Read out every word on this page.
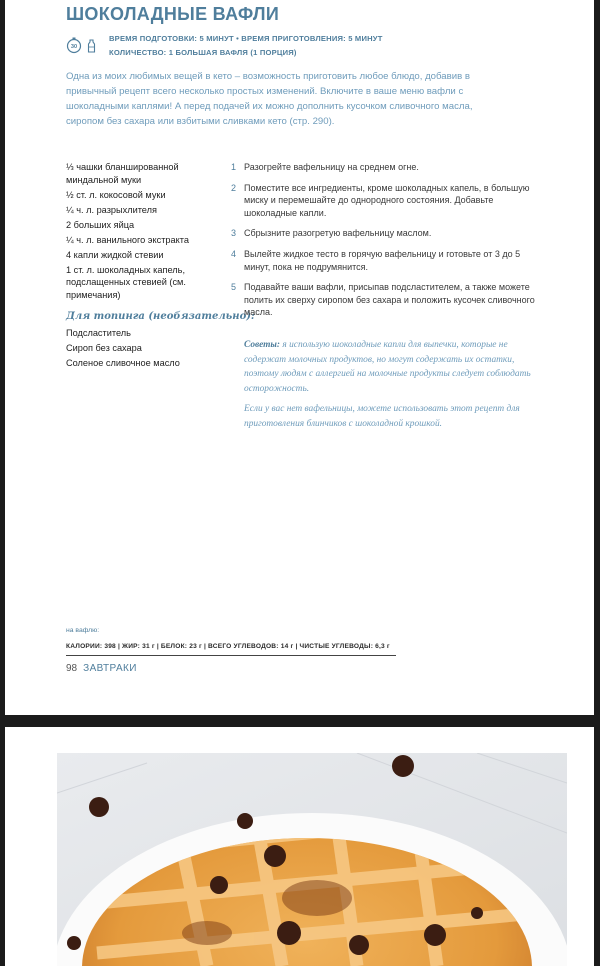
ШОКОЛАДНЫЕ ВАФЛИ
30
ВРЕМЯ ПОДГОТОВКИ: 5 МИНУТ • ВРЕМЯ ПРИГОТОВЛЕНИЯ: 5 МИНУТ
КОЛИЧЕСТВО: 1 БОЛЬШАЯ ВАФЛЯ (1 ПОРЦИЯ)
Одна из моих любимых вещей в кето – возможность приготовить любое блюдо, добавив в привычный рецепт всего несколько простых изменений. Включите в ваше меню вафли с шоколадными каплями! А перед подачей их можно дополнить кусочком сливочного масла, сиропом без сахара или взбитыми сливками кето (стр. 290).
⅓ чашки бланшированной миндальной муки
½ ст. л. кокосовой муки
¼ ч. л. разрыхлителя
2 больших яйца
¼ ч. л. ванильного экстракта
4 капли жидкой стевии
1 ст. л. шоколадных капель, подслащенных стевией (см. примечания)
Для топинга (необязательно):
Подсластитель
Сироп без сахара
Соленое сливочное масло
1 Разогрейте вафельницу на среднем огне.
2 Поместите все ингредиенты, кроме шоколадных капель, в большую миску и перемешайте до однородного состояния. Добавьте шоколадные капли.
3 Сбрызните разогретую вафельницу маслом.
4 Вылейте жидкое тесто в горячую вафельницу и готовьте от 3 до 5 минут, пока не подрумянится.
5 Подавайте ваши вафли, присыпав подсластителем, а также можете полить их сверху сиропом без сахара и положить кусочек сливочного масла.

Советы: я использую шоколадные капли для выпечки, которые не содержат молочных продуктов, но могут содержать их остатки, поэтому людям с аллергией на молочные продукты следует соблюдать осторожность.

Если у вас нет вафельницы, можете использовать этот рецепт для приготовления блинчиков с шоколадной крошкой.

на вафлю:
КАЛОРИИ: 398 | ЖИР: 31 г | БЕЛОК: 23 г | ВСЕГО УГЛЕВОДОВ: 14 г | ЧИСТЫЕ УГЛЕВОДЫ: 6,3 г
98 ЗАВТРАКИ
